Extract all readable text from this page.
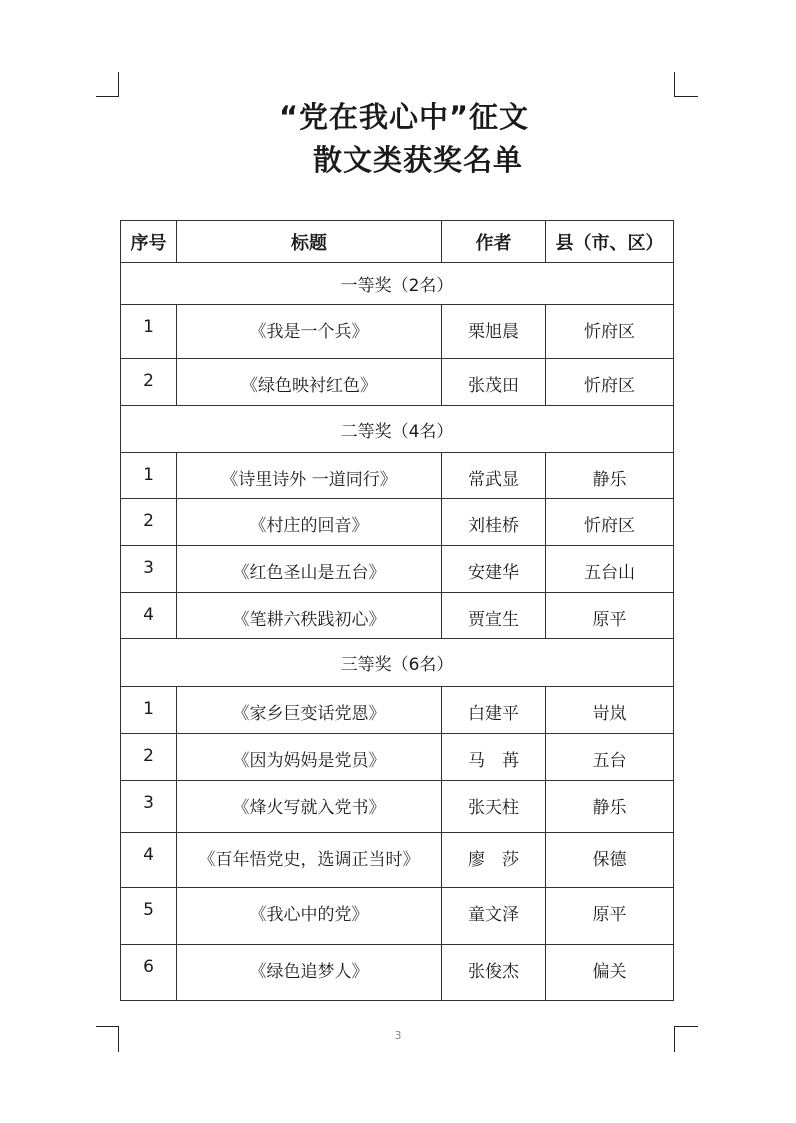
“党在我心中”征文
散文类获奖名单
序号	标题	作者	县（市、区）
一等奖（2名）			
1	《我是一个兵》	栗旭晨	忻府区
2	《绿色映衬红色》	张茂田	忻府区
二等奖（4名）			
1	《诗里诗外 一道同行》	常武显	静乐
2	《村庄的回音》	刘桂桥	忻府区
3	《红色圣山是五台》	安建华	五台山
4	《笔耕六秩践初心》	贾宣生	原平
三等奖（6名）			
1	《家乡巨变话党恩》	白建平	岢岚
2	《因为妈妈是党员》	马　苒	五台
3	《烽火写就入党书》	张天柱	静乐
4	《百年悟党史，选调正当时》	廖　莎	保德
5	《我心中的党》	童文泽	原平
6	《绿色追梦人》	张俊杰	偏关
3
